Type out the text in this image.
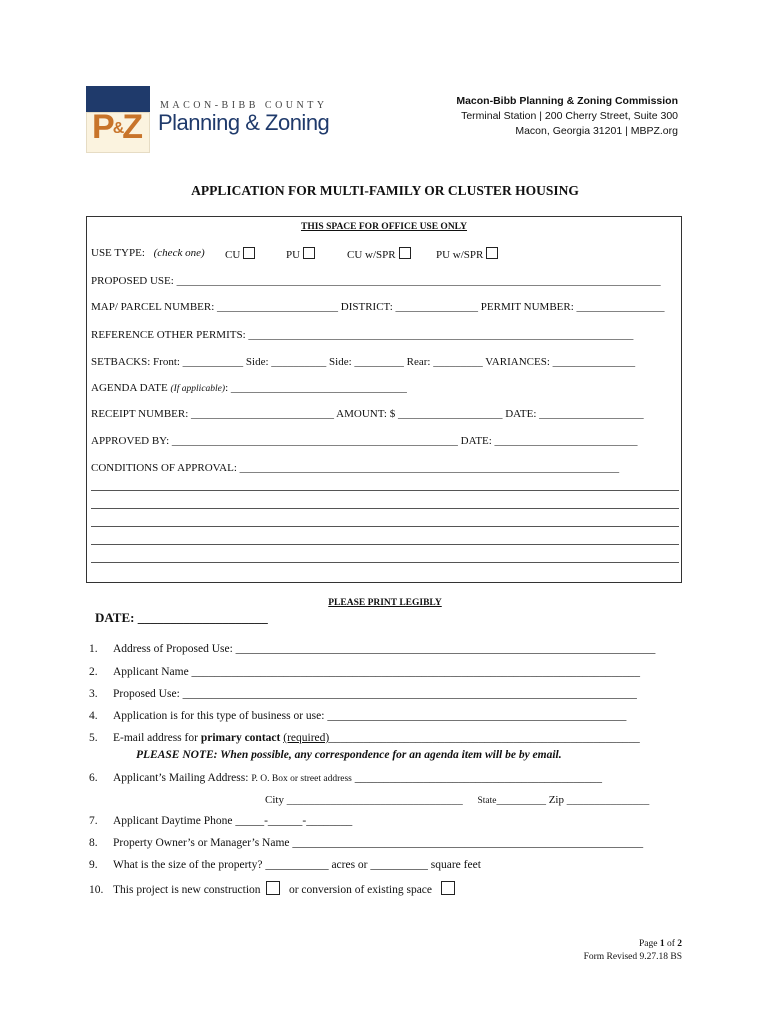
P&Z
MACON-BIBB COUNTY
Planning & Zoning
Macon-Bibb Planning & Zoning Commission
Terminal Station | 200 Cherry Street, Suite 300
Macon, Georgia 31201 | MBPZ.org
APPLICATION FOR MULTI-FAMILY OR CLUSTER HOUSING
THIS SPACE FOR OFFICE USE ONLY
USE TYPE: (check one) CU	PU	CU w/SPR	PU w/SPR
PROPOSED USE: ________________________________________________________________________________________
MAP/ PARCEL NUMBER: ______________________ DISTRICT: _______________ PERMIT NUMBER: ________________
REFERENCE OTHER PERMITS: ______________________________________________________________________
SETBACKS: Front: ___________ Side: __________ Side: _________ Rear: _________ VARIANCES: _______________
AGENDA DATE (If applicable): ________________________________
RECEIPT NUMBER: __________________________ AMOUNT: $ ___________________ DATE: ___________________
APPROVED BY: ____________________________________________________ DATE: __________________________
CONDITIONS OF APPROVAL: _____________________________________________________________________
PLEASE PRINT LEGIBLY
DATE: ____________________
1. Address of Proposed Use: _________________________________________________________________________
2. Applicant Name ______________________________________________________________________________
3. Proposed Use: _______________________________________________________________________________
4. Application is for this type of business or use: ____________________________________________________
5. E-mail address for primary contact (required)______________________________________________________
PLEASE NOTE: When possible, any correspondence for an agenda item will be by email.
6. Applicant’s Mailing Address: P. O. Box or street address ___________________________________________
City ________________________________ State_________ Zip _______________
7. Applicant Daytime Phone _____-______-________
8. Property Owner’s or Manager’s Name _____________________________________________________________
9. What is the size of the property? ___________ acres or __________ square feet
10. This project is new construction or conversion of existing space
Page 1 of 2
Form Revised 9.27.18 BS
